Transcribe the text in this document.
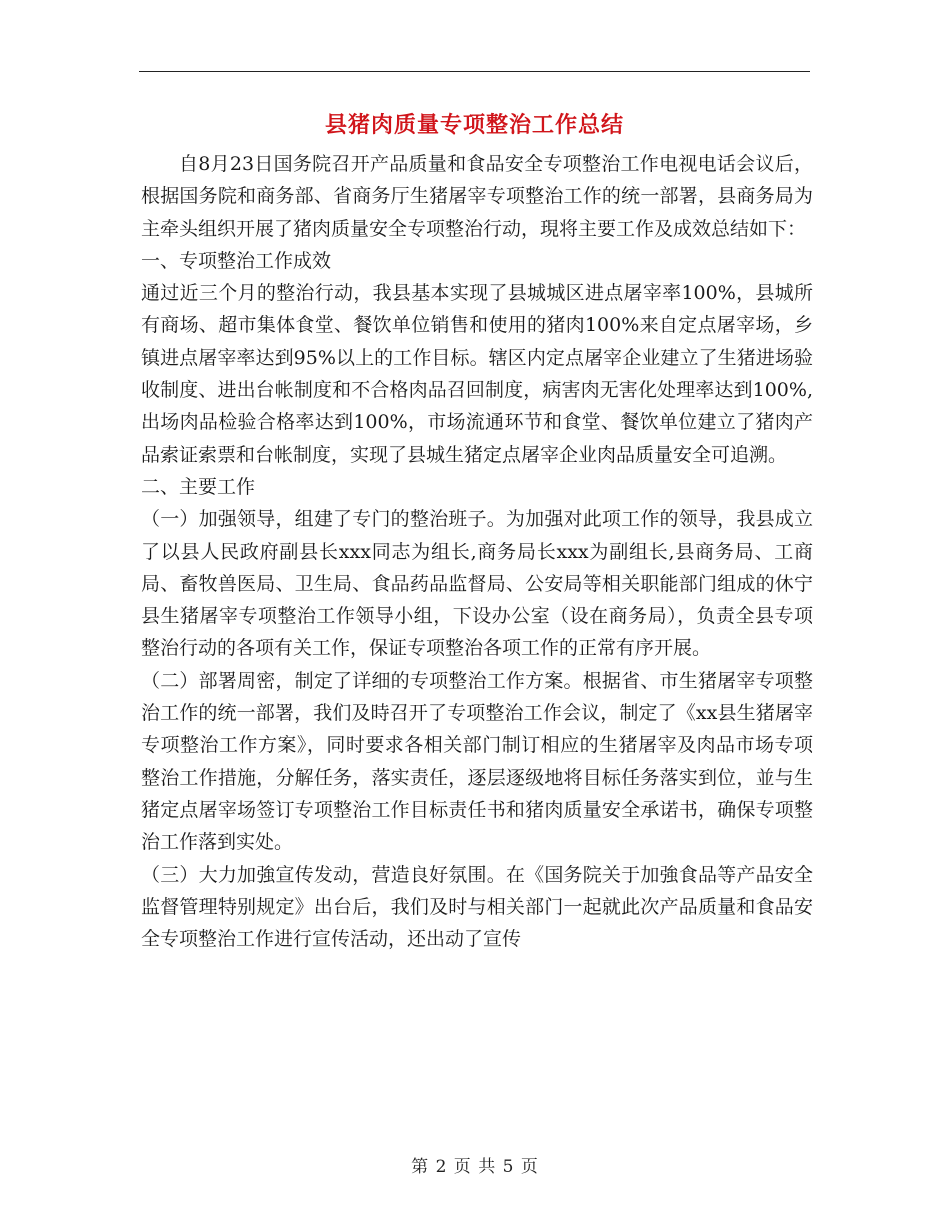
县猪肉质量专项整治工作总结

自8月23日国务院召开产品质量和食品安全专项整治工作电视电话会议后，根据国务院和商务部、省商务厅生猪屠宰专项整治工作的统一部署，县商务局为主牵头组织开展了猪肉质量安全专项整治行动，現将主要工作及成效总结如下：

一、专项整治工作成效

通过近三个月的整治行动，我县基本实现了县城城区进点屠宰率100%，县城所有商场、超市集体食堂、餐饮单位销售和使用的猪肉100%来自定点屠宰场，乡镇进点屠宰率达到95%以上的工作目标。辖区内定点屠宰企业建立了生猪进场验收制度、进出台帐制度和不合格肉品召回制度，病害肉无害化处理率达到100%,出场肉品检验合格率达到100%，市场流通环节和食堂、餐饮单位建立了猪肉产品索证索票和台帐制度，实现了县城生猪定点屠宰企业肉品质量安全可追溯。

二、主要工作

（一）加强领导，组建了专门的整治班子。为加强对此项工作的领导，我县成立了以县人民政府副县长xxx同志为组长,商务局长xxx为副组长,县商务局、工商局、畜牧兽医局、卫生局、食品药品监督局、公安局等相关职能部门组成的休宁县生猪屠宰专项整治工作领导小组，下设办公室（设在商务局），负责全县专项整治行动的各项有关工作，保证专项整治各项工作的正常有序开展。

（二）部署周密，制定了详细的专项整治工作方案。根据省、市生猪屠宰专项整治工作的统一部署，我们及時召开了专项整治工作会议，制定了《xx县生猪屠宰专项整治工作方案》，同时要求各相关部门制订相应的生猪屠宰及肉品市场专项整治工作措施，分解任务，落实责任，逐层逐级地将目标任务落实到位，並与生猪定点屠宰场签订专项整治工作目标责任书和猪肉质量安全承诺书，确保专项整治工作落到实处。

（三）大力加強宣传发动，营造良好氛围。在《国务院关于加強食品等产品安全监督管理特别规定》出台后，我们及时与相关部门一起就此次产品质量和食品安全专项整治工作进行宣传活动，还出动了宣传

第 2 页 共 5 页
